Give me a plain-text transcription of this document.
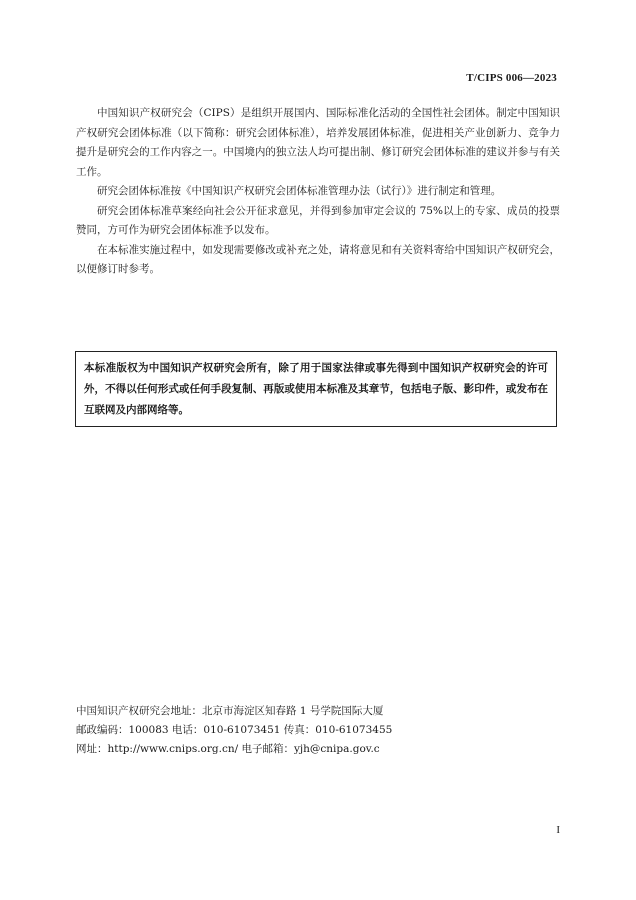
T/CIPS 006—2023

中国知识产权研究会（CIPS）是组织开展国内、国际标准化活动的全国性社会团体。制定中国知识产权研究会团体标准（以下简称：研究会团体标准），培养发展团体标准，促进相关产业创新力、竞争力提升是研究会的工作内容之一。中国境内的独立法人均可提出制、修订研究会团体标准的建议并参与有关工作。

研究会团体标准按《中国知识产权研究会团体标准管理办法（试行）》进行制定和管理。

研究会团体标准草案经向社会公开征求意见，并得到参加审定会议的 75%以上的专家、成员的投票赞同，方可作为研究会团体标准予以发布。

在本标准实施过程中，如发现需要修改或补充之处，请将意见和有关资料寄给中国知识产权研究会，以便修订时参考。

本标准版权为中国知识产权研究会所有，除了用于国家法律或事先得到中国知识产权研究会的许可外，不得以任何形式或任何手段复制、再版或使用本标准及其章节，包括电子版、影印件，或发布在互联网及内部网络等。
中国知识产权研究会地址：北京市海淀区知春路 1 号学院国际大厦
邮政编码：100083 电话：010-61073451 传真：010-61073455
网址：http://www.cnips.org.cn/ 电子邮箱：yjh@cnipa.gov.c
I
